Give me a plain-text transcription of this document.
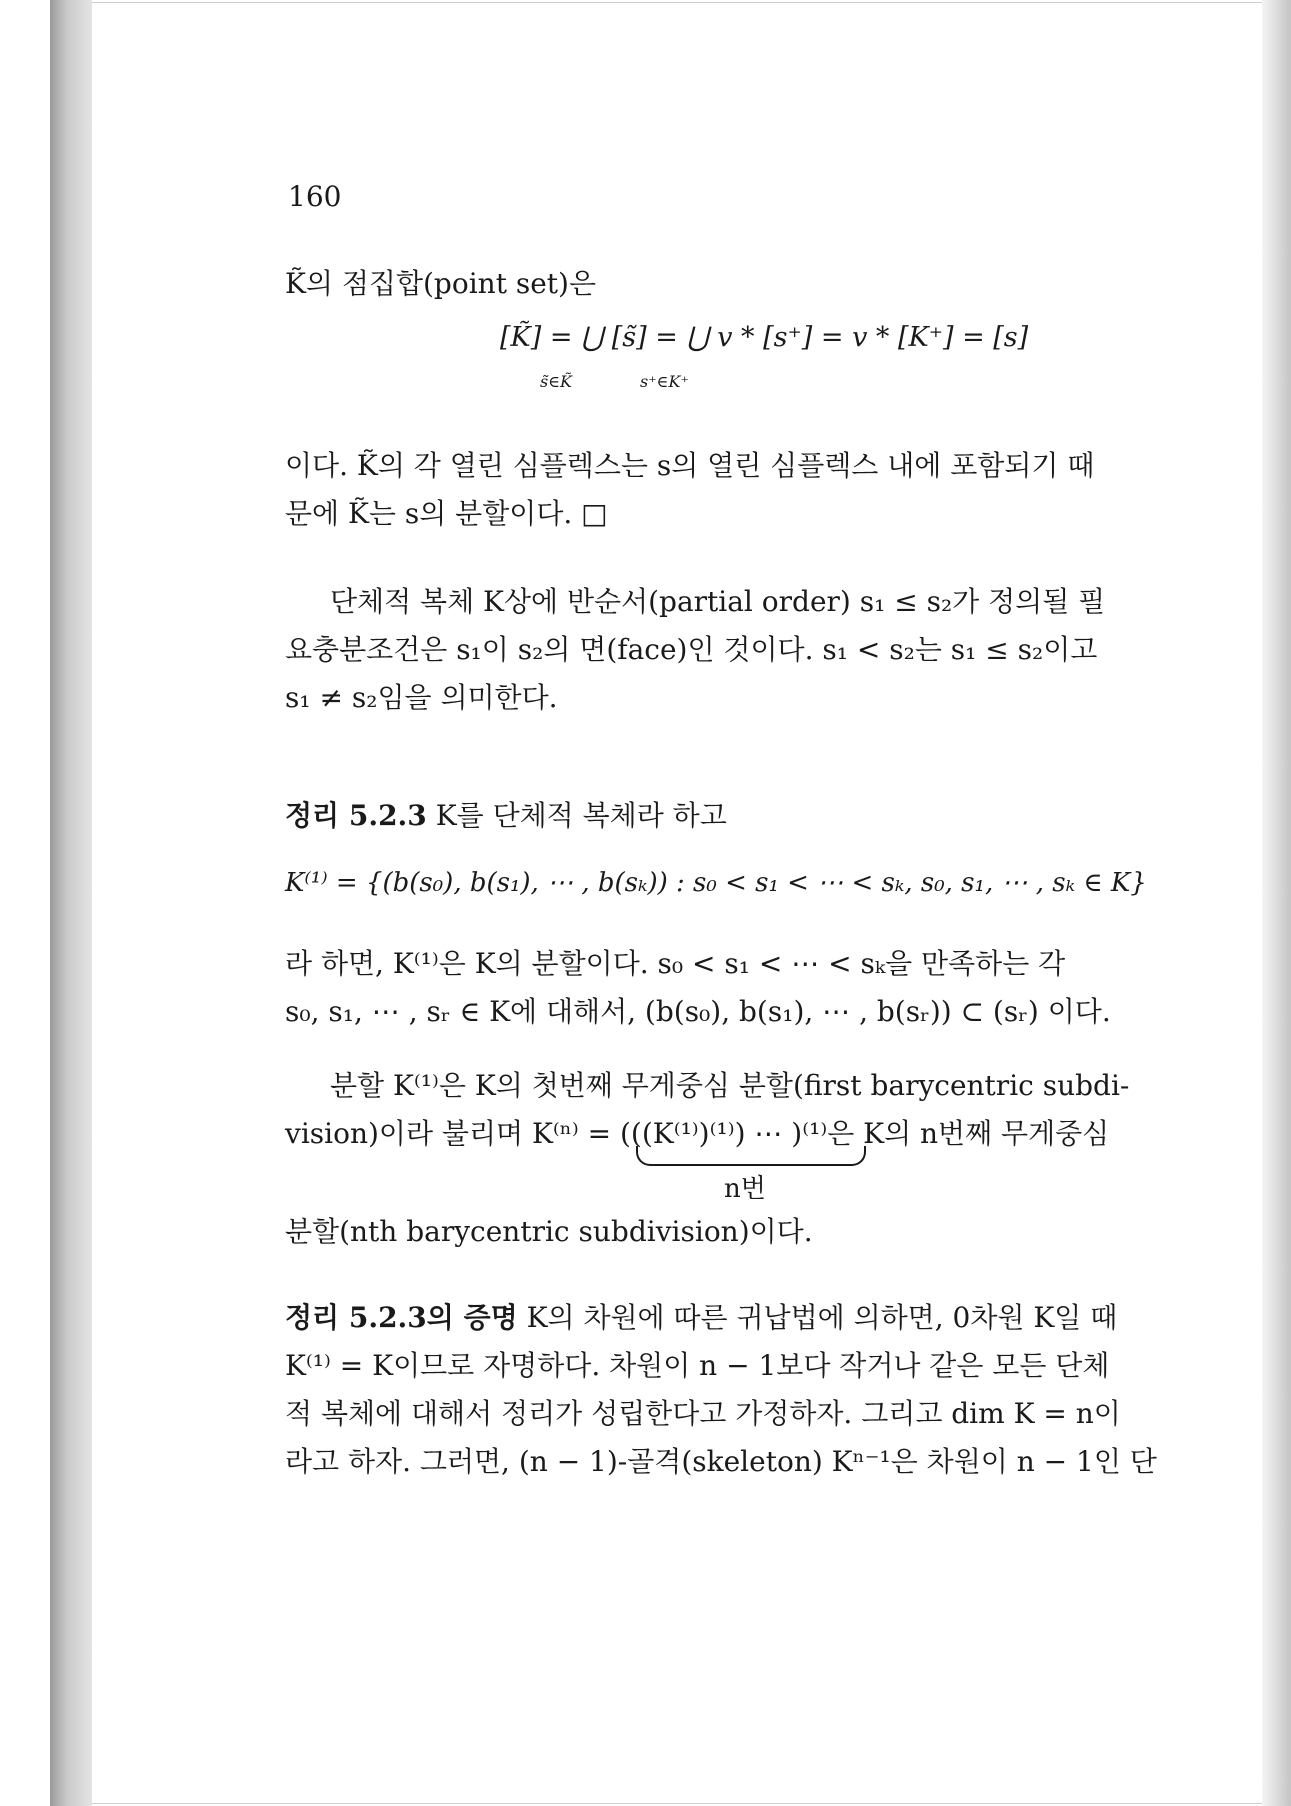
160
K̃의 점집합(point set)은
[K̃] = ⋃ [s̃] = ⋃ v * [s⁺] = v * [K⁺] = [s]
s̃∈K̃	s⁺∈K⁺
이다. K̃의 각 열린 심플렉스는 s의 열린 심플렉스 내에 포함되기 때
문에 K̃는 s의 분할이다. □
단체적 복체 K상에 반순서(partial order) s₁ ≤ s₂가 정의될 필
요충분조건은 s₁이 s₂의 면(face)인 것이다. s₁ < s₂는 s₁ ≤ s₂이고
s₁ ≠ s₂임을 의미한다.
정리 5.2.3 K를 단체적 복체라 하고
K⁽¹⁾ = {(b(s₀), b(s₁), ⋯ , b(sₖ)) : s₀ < s₁ < ⋯ < sₖ, s₀, s₁, ⋯ , sₖ ∈ K}
라 하면, K⁽¹⁾은 K의 분할이다. s₀ < s₁ < ⋯ < sₖ을 만족하는 각
s₀, s₁, ⋯ , sᵣ ∈ K에 대해서, (b(s₀), b(s₁), ⋯ , b(sᵣ)) ⊂ (sᵣ) 이다.
분할 K⁽¹⁾은 K의 첫번째 무게중심 분할(first barycentric subdi-
vision)이라 불리며 K⁽ⁿ⁾ = (((K⁽¹⁾)⁽¹⁾) ⋯ )⁽¹⁾은 K의 n번째 무게중심
n번
분할(nth barycentric subdivision)이다.
정리 5.2.3의 증명 K의 차원에 따른 귀납법에 의하면, 0차원 K일 때
K⁽¹⁾ = K이므로 자명하다. 차원이 n − 1보다 작거나 같은 모든 단체
적 복체에 대해서 정리가 성립한다고 가정하자. 그리고 dim K = n이
라고 하자. 그러면, (n − 1)-골격(skeleton) Kⁿ⁻¹은 차원이 n − 1인 단
